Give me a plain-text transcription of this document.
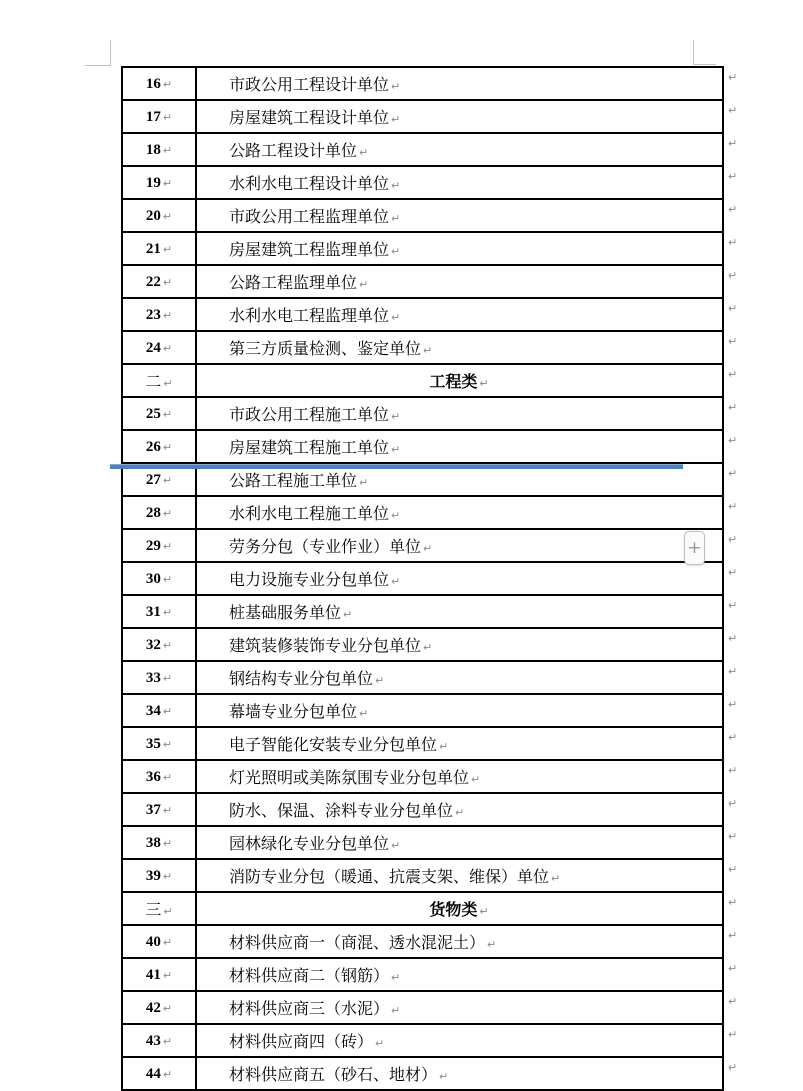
16 ↵	市政公用工程设计单位 ↵
17 ↵	房屋建筑工程设计单位 ↵
18 ↵	公路工程设计单位 ↵
19 ↵	水利水电工程设计单位 ↵
20 ↵	市政公用工程监理单位 ↵
21 ↵	房屋建筑工程监理单位 ↵
22 ↵	公路工程监理单位 ↵
23 ↵	水利水电工程监理单位 ↵
24 ↵	第三方质量检测、鉴定单位 ↵
二 ↵	工程类 ↵
25 ↵	市政公用工程施工单位 ↵
26 ↵	房屋建筑工程施工单位 ↵
27 ↵	公路工程施工单位 ↵
28 ↵	水利水电工程施工单位 ↵
29 ↵	劳务分包（专业作业）单位 ↵
30 ↵	电力设施专业分包单位 ↵
31 ↵	桩基础服务单位 ↵
32 ↵	建筑装修装饰专业分包单位 ↵
33 ↵	钢结构专业分包单位 ↵
34 ↵	幕墙专业分包单位 ↵
35 ↵	电子智能化安装专业分包单位 ↵
36 ↵	灯光照明或美陈氛围专业分包单位 ↵
37 ↵	防水、保温、涂料专业分包单位 ↵
38 ↵	园林绿化专业分包单位 ↵
39 ↵	消防专业分包（暖通、抗震支架、维保）单位 ↵
三 ↵	货物类 ↵
40 ↵	材料供应商一（商混、透水混泥土） ↵
41 ↵	材料供应商二（钢筋） ↵
42 ↵	材料供应商三（水泥） ↵
43 ↵	材料供应商四（砖） ↵
44 ↵	材料供应商五（砂石、地材） ↵
+
↵
↵
↵
↵
↵
↵
↵
↵
↵
↵
↵
↵
↵
↵
↵
↵
↵
↵
↵
↵
↵
↵
↵
↵
↵
↵
↵
↵
↵
↵
↵
